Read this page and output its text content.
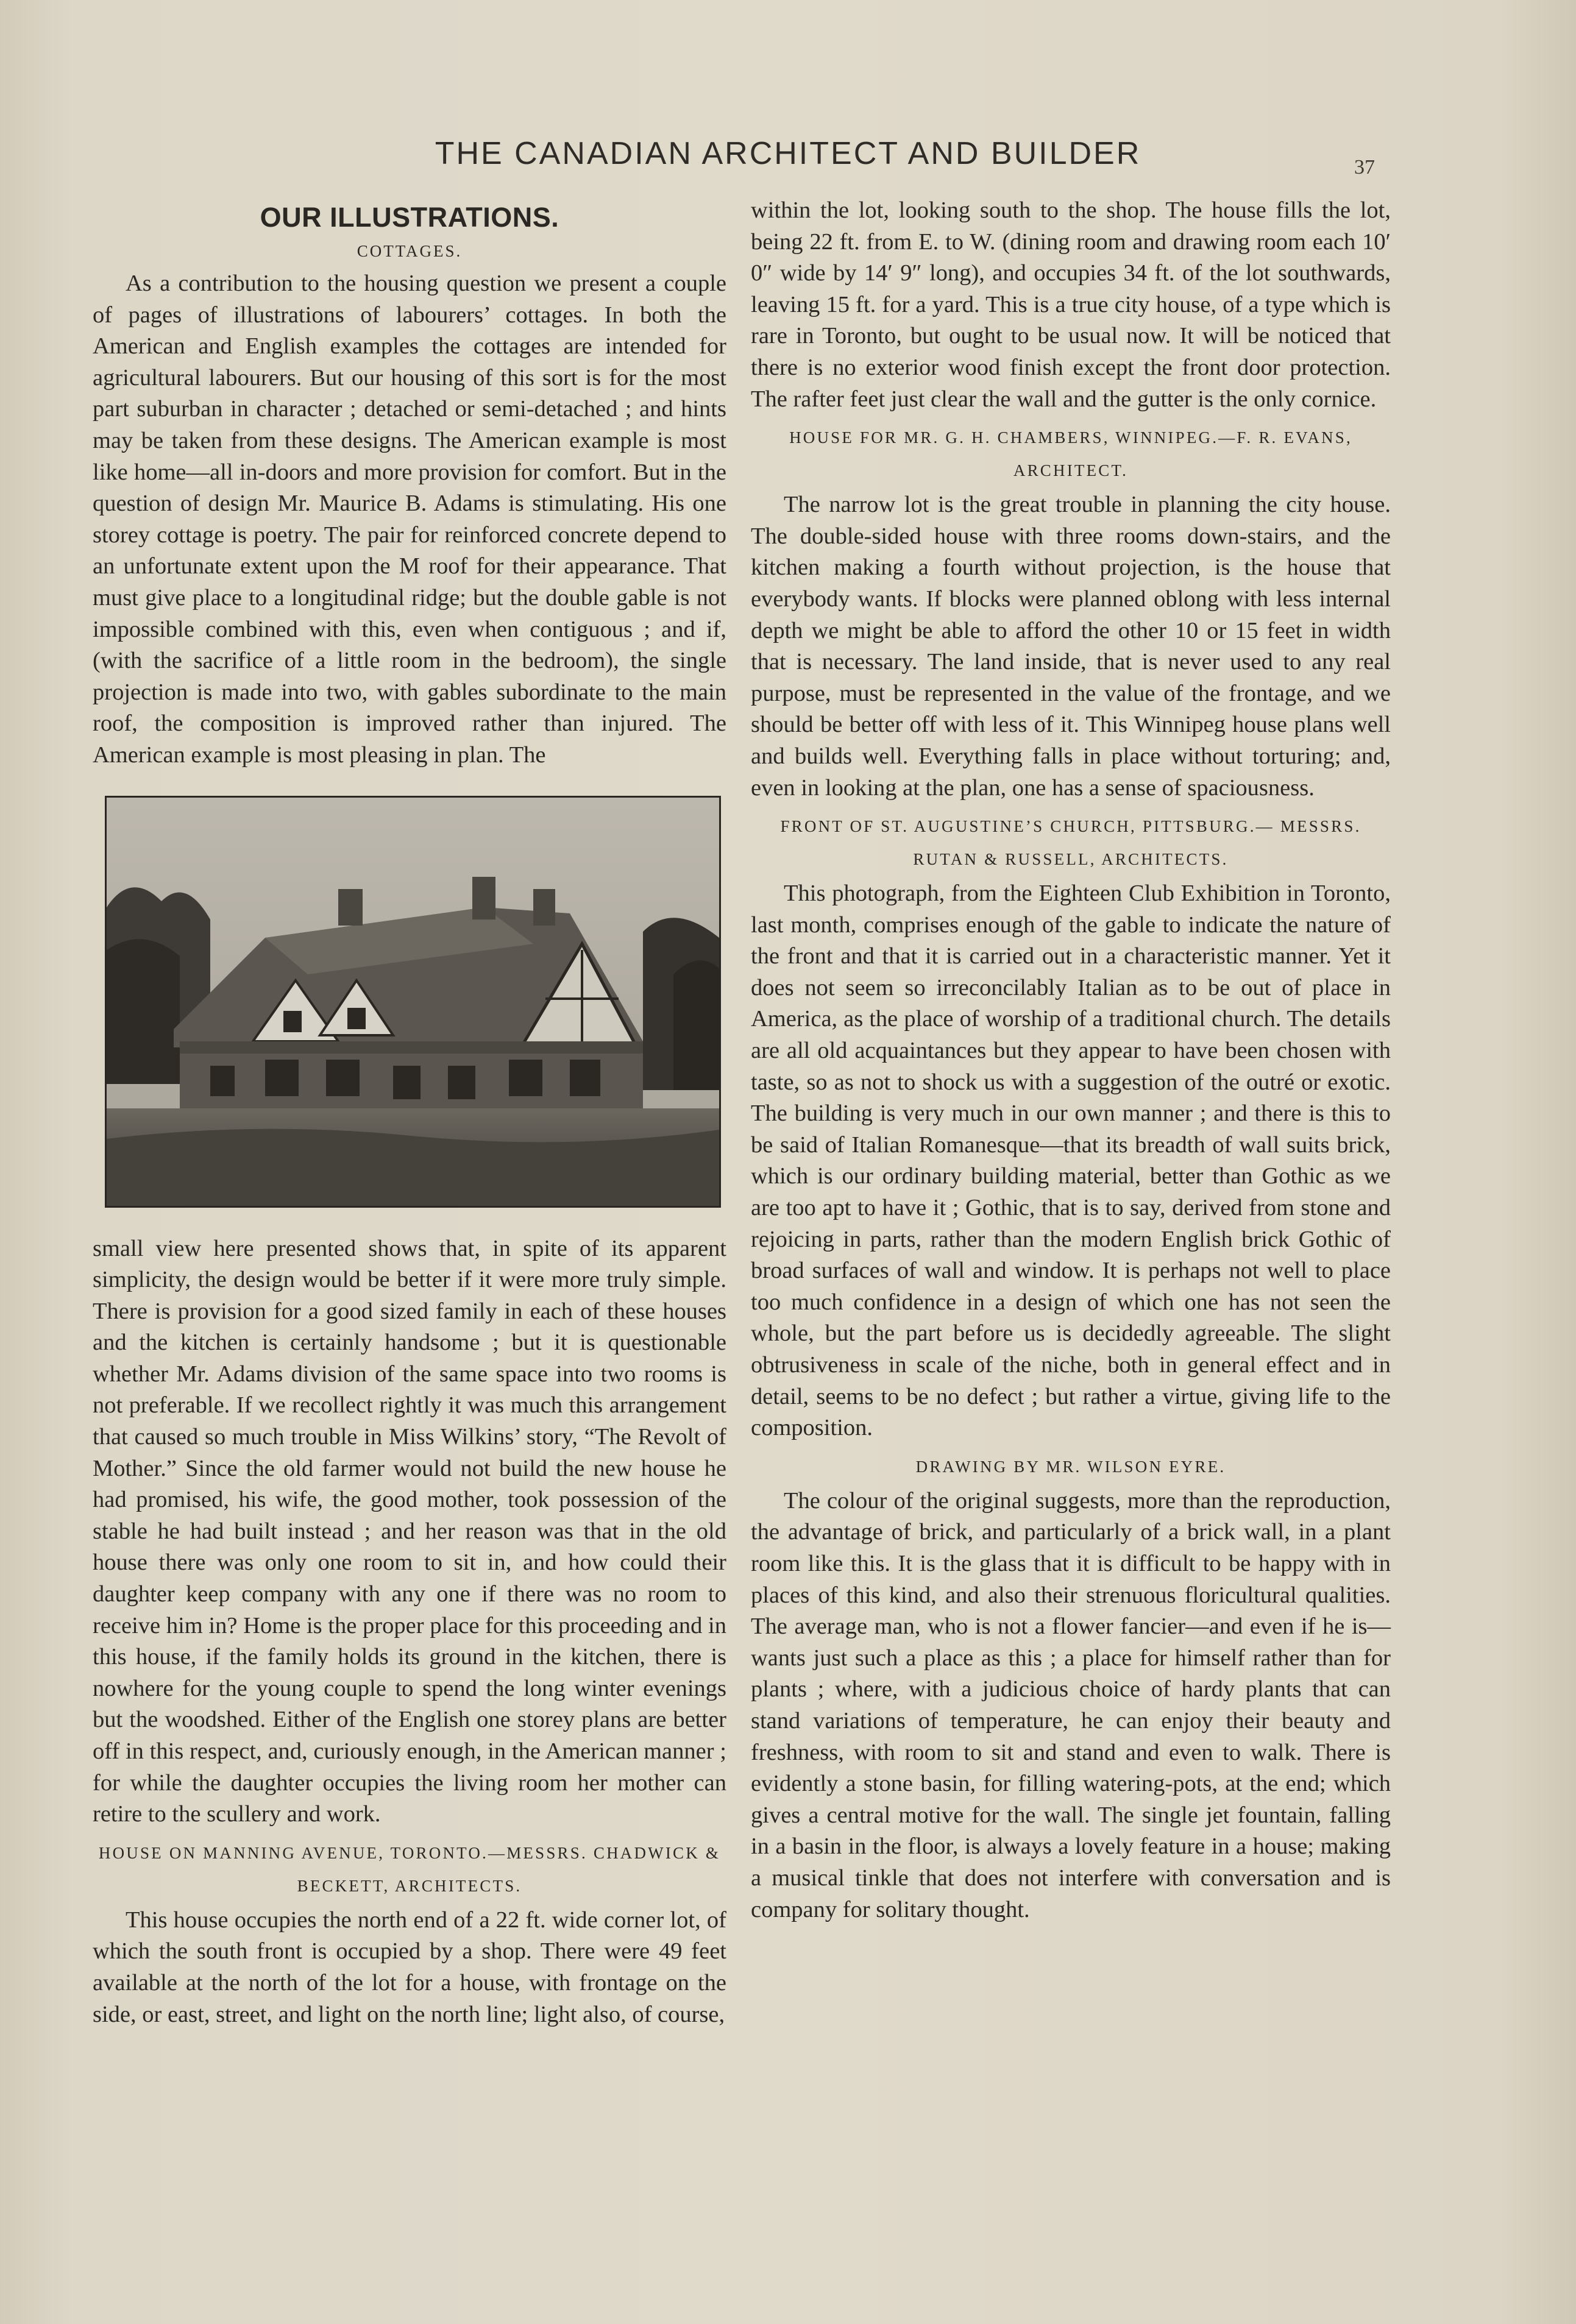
THE CANADIAN ARCHITECT AND BUILDER	37
OUR ILLUSTRATIONS.
COTTAGES.

As a contribution to the housing question we present a couple of pages of illustrations of labourers’ cottages. In both the American and English examples the cottages are intended for agricultural labourers. But our housing of this sort is for the most part suburban in character ; detached or semi-detached ; and hints may be taken from these designs. The American example is most like home—all in-doors and more provision for comfort. But in the question of design Mr. Maurice B. Adams is stimulating. His one storey cottage is poetry. The pair for reinforced concrete depend to an unfortunate extent upon the M roof for their appearance. That must give place to a longitudinal ridge; but the double gable is not impossible combined with this, even when contiguous ; and if, (with the sacrifice of a little room in the bedroom), the single projection is made into two, with gables subordinate to the main roof, the composition is improved rather than injured. The American example is most pleasing in plan. The

small view here presented shows that, in spite of its apparent simplicity, the design would be better if it were more truly simple. There is provision for a good sized family in each of these houses and the kitchen is certainly handsome ; but it is questionable whether Mr. Adams division of the same space into two rooms is not preferable. If we recollect rightly it was much this arrangement that caused so much trouble in Miss Wilkins’ story, “The Revolt of Mother.” Since the old farmer would not build the new house he had promised, his wife, the good mother, took possession of the stable he had built instead ; and her reason was that in the old house there was only one room to sit in, and how could their daughter keep company with any one if there was no room to receive him in? Home is the proper place for this proceeding and in this house, if the family holds its ground in the kitchen, there is nowhere for the young couple to spend the long winter evenings but the woodshed. Either of the English one storey plans are better off in this respect, and, curiously enough, in the American manner ; for while the daughter occupies the living room her mother can retire to the scullery and work.

HOUSE ON MANNING AVENUE, TORONTO.—MESSRS. CHADWICK & BECKETT, ARCHITECTS.

This house occupies the north end of a 22 ft. wide corner lot, of which the south front is occupied by a shop. There were 49 feet available at the north of the lot for a house, with frontage on the side, or east, street, and light on the north line; light also, of course,

within the lot, looking south to the shop. The house fills the lot, being 22 ft. from E. to W. (dining room and drawing room each 10′ 0″ wide by 14′ 9″ long), and occupies 34 ft. of the lot southwards, leaving 15 ft. for a yard. This is a true city house, of a type which is rare in Toronto, but ought to be usual now. It will be noticed that there is no exterior wood finish except the front door protection. The rafter feet just clear the wall and the gutter is the only cornice.

HOUSE FOR MR. G. H. CHAMBERS, WINNIPEG.—F. R. EVANS, ARCHITECT.

The narrow lot is the great trouble in planning the city house. The double-sided house with three rooms down-stairs, and the kitchen making a fourth without projection, is the house that everybody wants. If blocks were planned oblong with less internal depth we might be able to afford the other 10 or 15 feet in width that is necessary. The land inside, that is never used to any real purpose, must be represented in the value of the frontage, and we should be better off with less of it. This Winnipeg house plans well and builds well. Everything falls in place without torturing; and, even in looking at the plan, one has a sense of spaciousness.

FRONT OF ST. AUGUSTINE’S CHURCH, PITTSBURG.— MESSRS. RUTAN & RUSSELL, ARCHITECTS.

This photograph, from the Eighteen Club Exhibition in Toronto, last month, comprises enough of the gable to indicate the nature of the front and that it is carried out in a characteristic manner. Yet it does not seem so irreconcilably Italian as to be out of place in America, as the place of worship of a traditional church. The details are all old acquaintances but they appear to have been chosen with taste, so as not to shock us with a suggestion of the outré or exotic. The building is very much in our own manner ; and there is this to be said of Italian Romanesque—that its breadth of wall suits brick, which is our ordinary building material, better than Gothic as we are too apt to have it ; Gothic, that is to say, derived from stone and rejoicing in parts, rather than the modern English brick Gothic of broad surfaces of wall and window. It is perhaps not well to place too much confidence in a design of which one has not seen the whole, but the part before us is decidedly agreeable. The slight obtrusiveness in scale of the niche, both in general effect and in detail, seems to be no defect ; but rather a virtue, giving life to the composition.

DRAWING BY MR. WILSON EYRE.

The colour of the original suggests, more than the reproduction, the advantage of brick, and particularly of a brick wall, in a plant room like this. It is the glass that it is difficult to be happy with in places of this kind, and also their strenuous floricultural qualities. The average man, who is not a flower fancier—and even if he is—wants just such a place as this ; a place for himself rather than for plants ; where, with a judicious choice of hardy plants that can stand variations of temperature, he can enjoy their beauty and freshness, with room to sit and stand and even to walk. There is evidently a stone basin, for filling watering-pots, at the end; which gives a central motive for the wall. The single jet fountain, falling in a basin in the floor, is always a lovely feature in a house; making a musical tinkle that does not interfere with conversation and is company for solitary thought.
